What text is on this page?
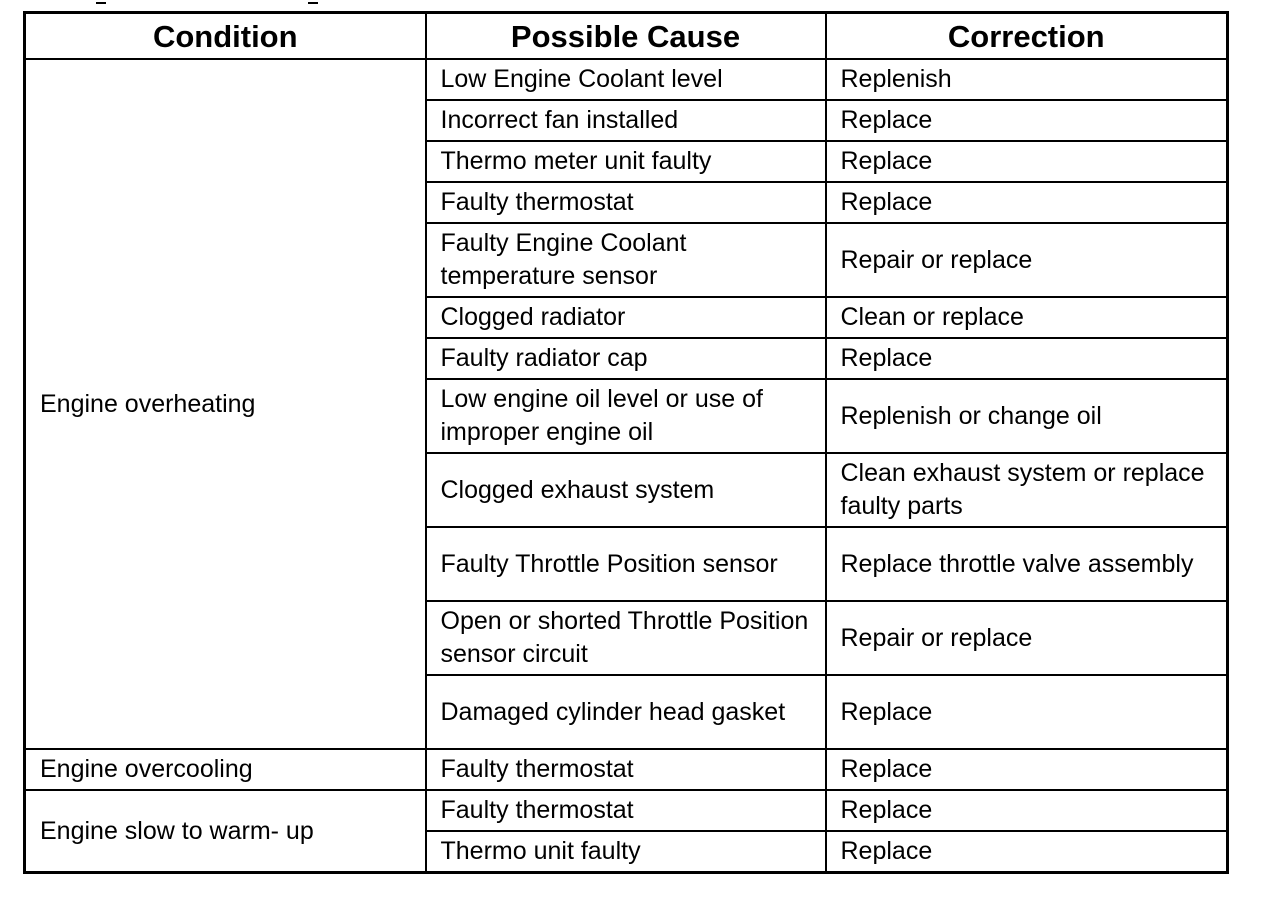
Condition	Possible Cause	Correction
Engine overheating	Low Engine Coolant level	Replenish
	Incorrect fan installed	Replace
	Thermo meter unit faulty	Replace
	Faulty thermostat	Replace
	Faulty Engine Coolant temperature sensor	Repair or replace
	Clogged radiator	Clean or replace
	Faulty radiator cap	Replace
	Low engine oil level or use of improper engine oil	Replenish or change oil
	Clogged exhaust system	Clean exhaust system or replace faulty parts
	Faulty Throttle Position sensor	Replace throttle valve assembly
	Open or shorted Throttle Position sensor circuit	Repair or replace
	Damaged cylinder head gasket	Replace
Engine overcooling	Faulty thermostat	Replace
Engine slow to warm- up	Faulty thermostat	Replace
	Thermo unit faulty	Replace
